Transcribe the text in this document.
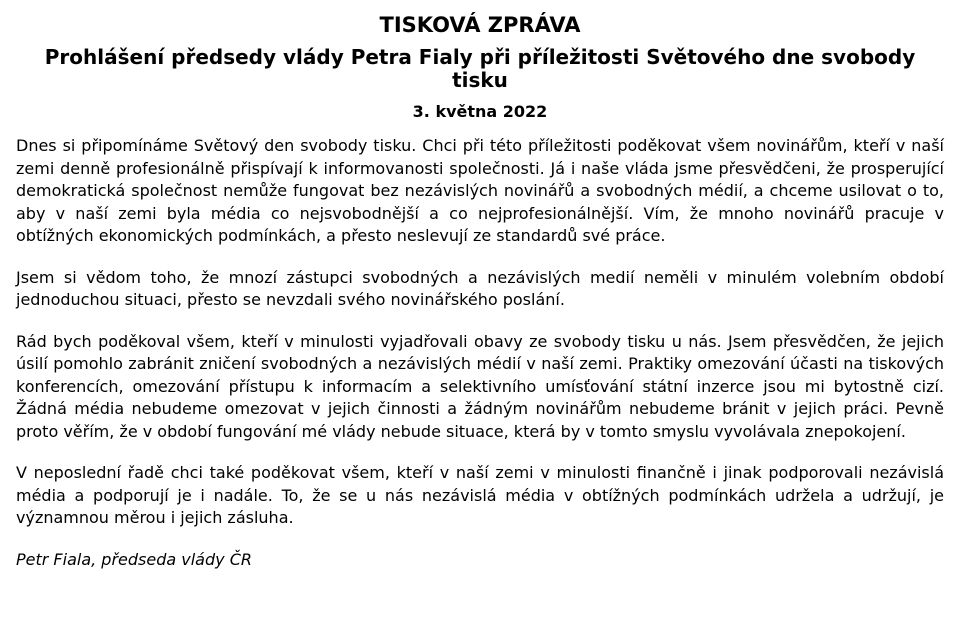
TISKOVÁ ZPRÁVA
Prohlášení předsedy vlády Petra Fialy při příležitosti Světového dne svobody tisku
3. května 2022

Dnes si připomínáme Světový den svobody tisku. Chci při této příležitosti poděkovat všem novinářům, kteří v naší zemi denně profesionálně přispívají k informovanosti společnosti. Já i naše vláda jsme přesvědčeni, že prosperující demokratická společnost nemůže fungovat bez nezávislých novinářů a svobodných médií, a chceme usilovat o to, aby v naší zemi byla média co nejsvobodnější a co nejprofesionálnější. Vím, že mnoho novinářů pracuje v obtížných ekonomických podmínkách, a přesto neslevují ze standardů své práce.

Jsem si vědom toho, že mnozí zástupci svobodných a nezávislých medií neměli v minulém volebním období jednoduchou situaci, přesto se nevzdali svého novinářského poslání.

Rád bych poděkoval všem, kteří v minulosti vyjadřovali obavy ze svobody tisku u nás. Jsem přesvědčen, že jejich úsilí pomohlo zabránit zničení svobodných a nezávislých médií v naší zemi. Praktiky omezování účasti na tiskových konferencích, omezování přístupu k informacím a selektivního umísťování státní inzerce jsou mi bytostně cizí. Žádná média nebudeme omezovat v jejich činnosti a žádným novinářům nebudeme bránit v jejich práci. Pevně proto věřím, že v období fungování mé vlády nebude situace, která by v tomto smyslu vyvolávala znepokojení.

V neposlední řadě chci také poděkovat všem, kteří v naší zemi v minulosti finančně i jinak podporovali nezávislá média a podporují je i nadále. To, že se u nás nezávislá média v obtížných podmínkách udržela a udržují, je významnou měrou i jejich zásluha.

Petr Fiala, předseda vlády ČR
